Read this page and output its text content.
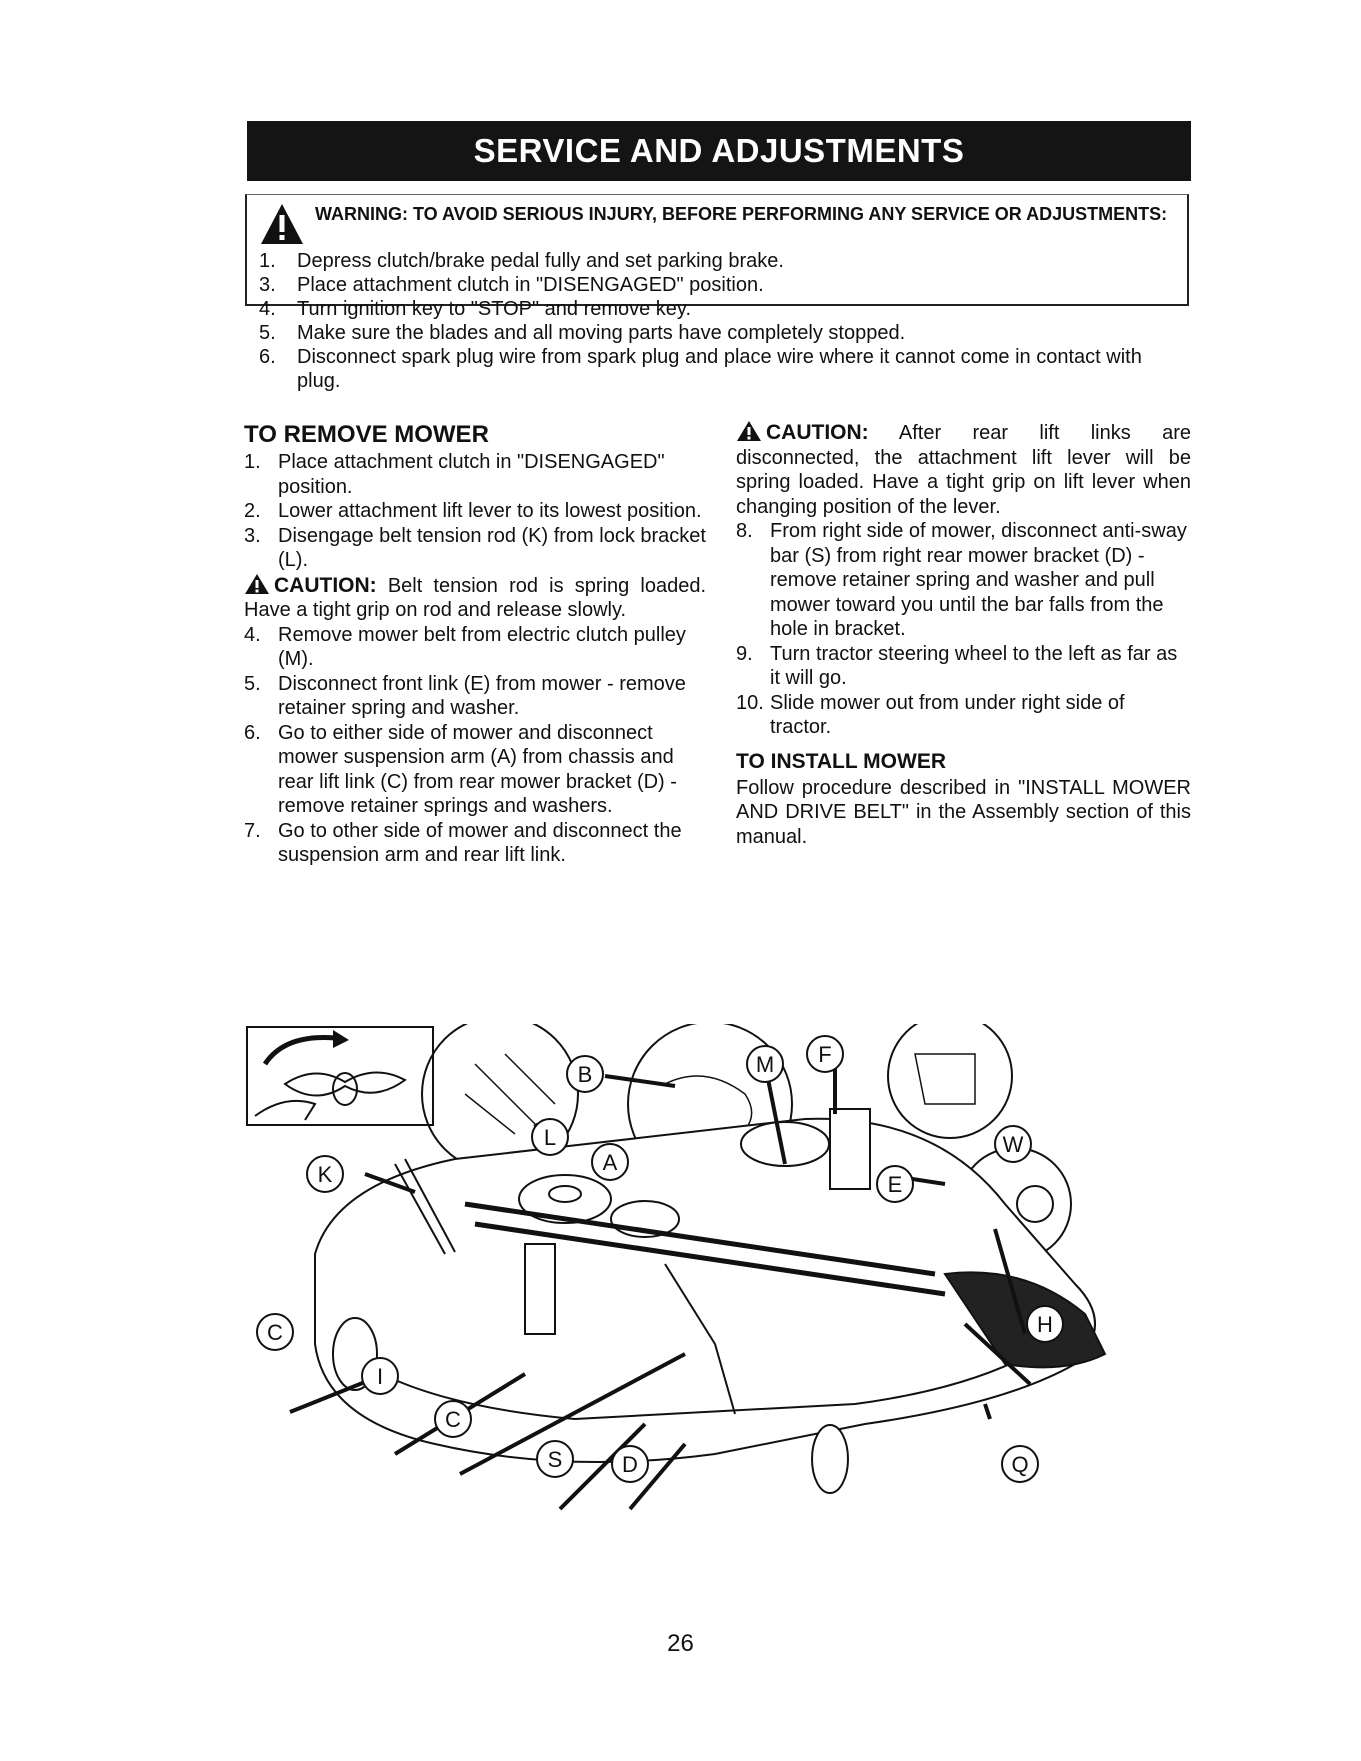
SERVICE AND ADJUSTMENTS
WARNING: TO AVOID SERIOUS INJURY, BEFORE PERFORMING ANY SERVICE OR ADJUSTMENTS:
1.	Depress clutch/brake pedal fully and set parking brake.
3.	Place attachment clutch in "DISENGAGED" position.
4.	Turn ignition key to "STOP" and remove key.
5.	Make sure the blades and all moving parts have completely stopped.
6.	Disconnect spark plug wire from spark plug and place wire where it cannot come in contact with plug.
TO REMOVE MOWER
1. Place attachment clutch in "DISENGAGED" position.
2. Lower attachment lift lever to its lowest position.
3. Disengage belt tension rod (K) from lock bracket (L).

CAUTION: Belt tension rod is spring loaded. Have a tight grip on rod and release slowly.

4. Remove mower belt from electric clutch pulley (M).
5. Disconnect front link (E) from mower - remove retainer spring and washer.
6. Go to either side of mower and disconnect mower suspension arm (A) from chassis and rear lift link (C) from rear mower bracket (D) - remove retainer springs and washers.
7. Go to other side of mower and disconnect the suspension arm and rear lift link.

CAUTION: After rear lift links are disconnected, the attachment lift lever will be spring loaded. Have a tight grip on lift lever when changing position of the lever.

8. From right side of mower, disconnect anti-sway bar (S) from right rear mower bracket (D) - remove retainer spring and washer and pull mower toward you until the bar falls from the hole in bracket.
9. Turn tractor steering wheel to the left as far as it will go.
10. Slide mower out from under right side of tractor.
TO INSTALL MOWER

Follow procedure described in "INSTALL MOWER AND DRIVE BELT" in the Assembly section of this manual.

B	M F
W
L
A
K	E
C	H
I
C
S	D	Q
26
